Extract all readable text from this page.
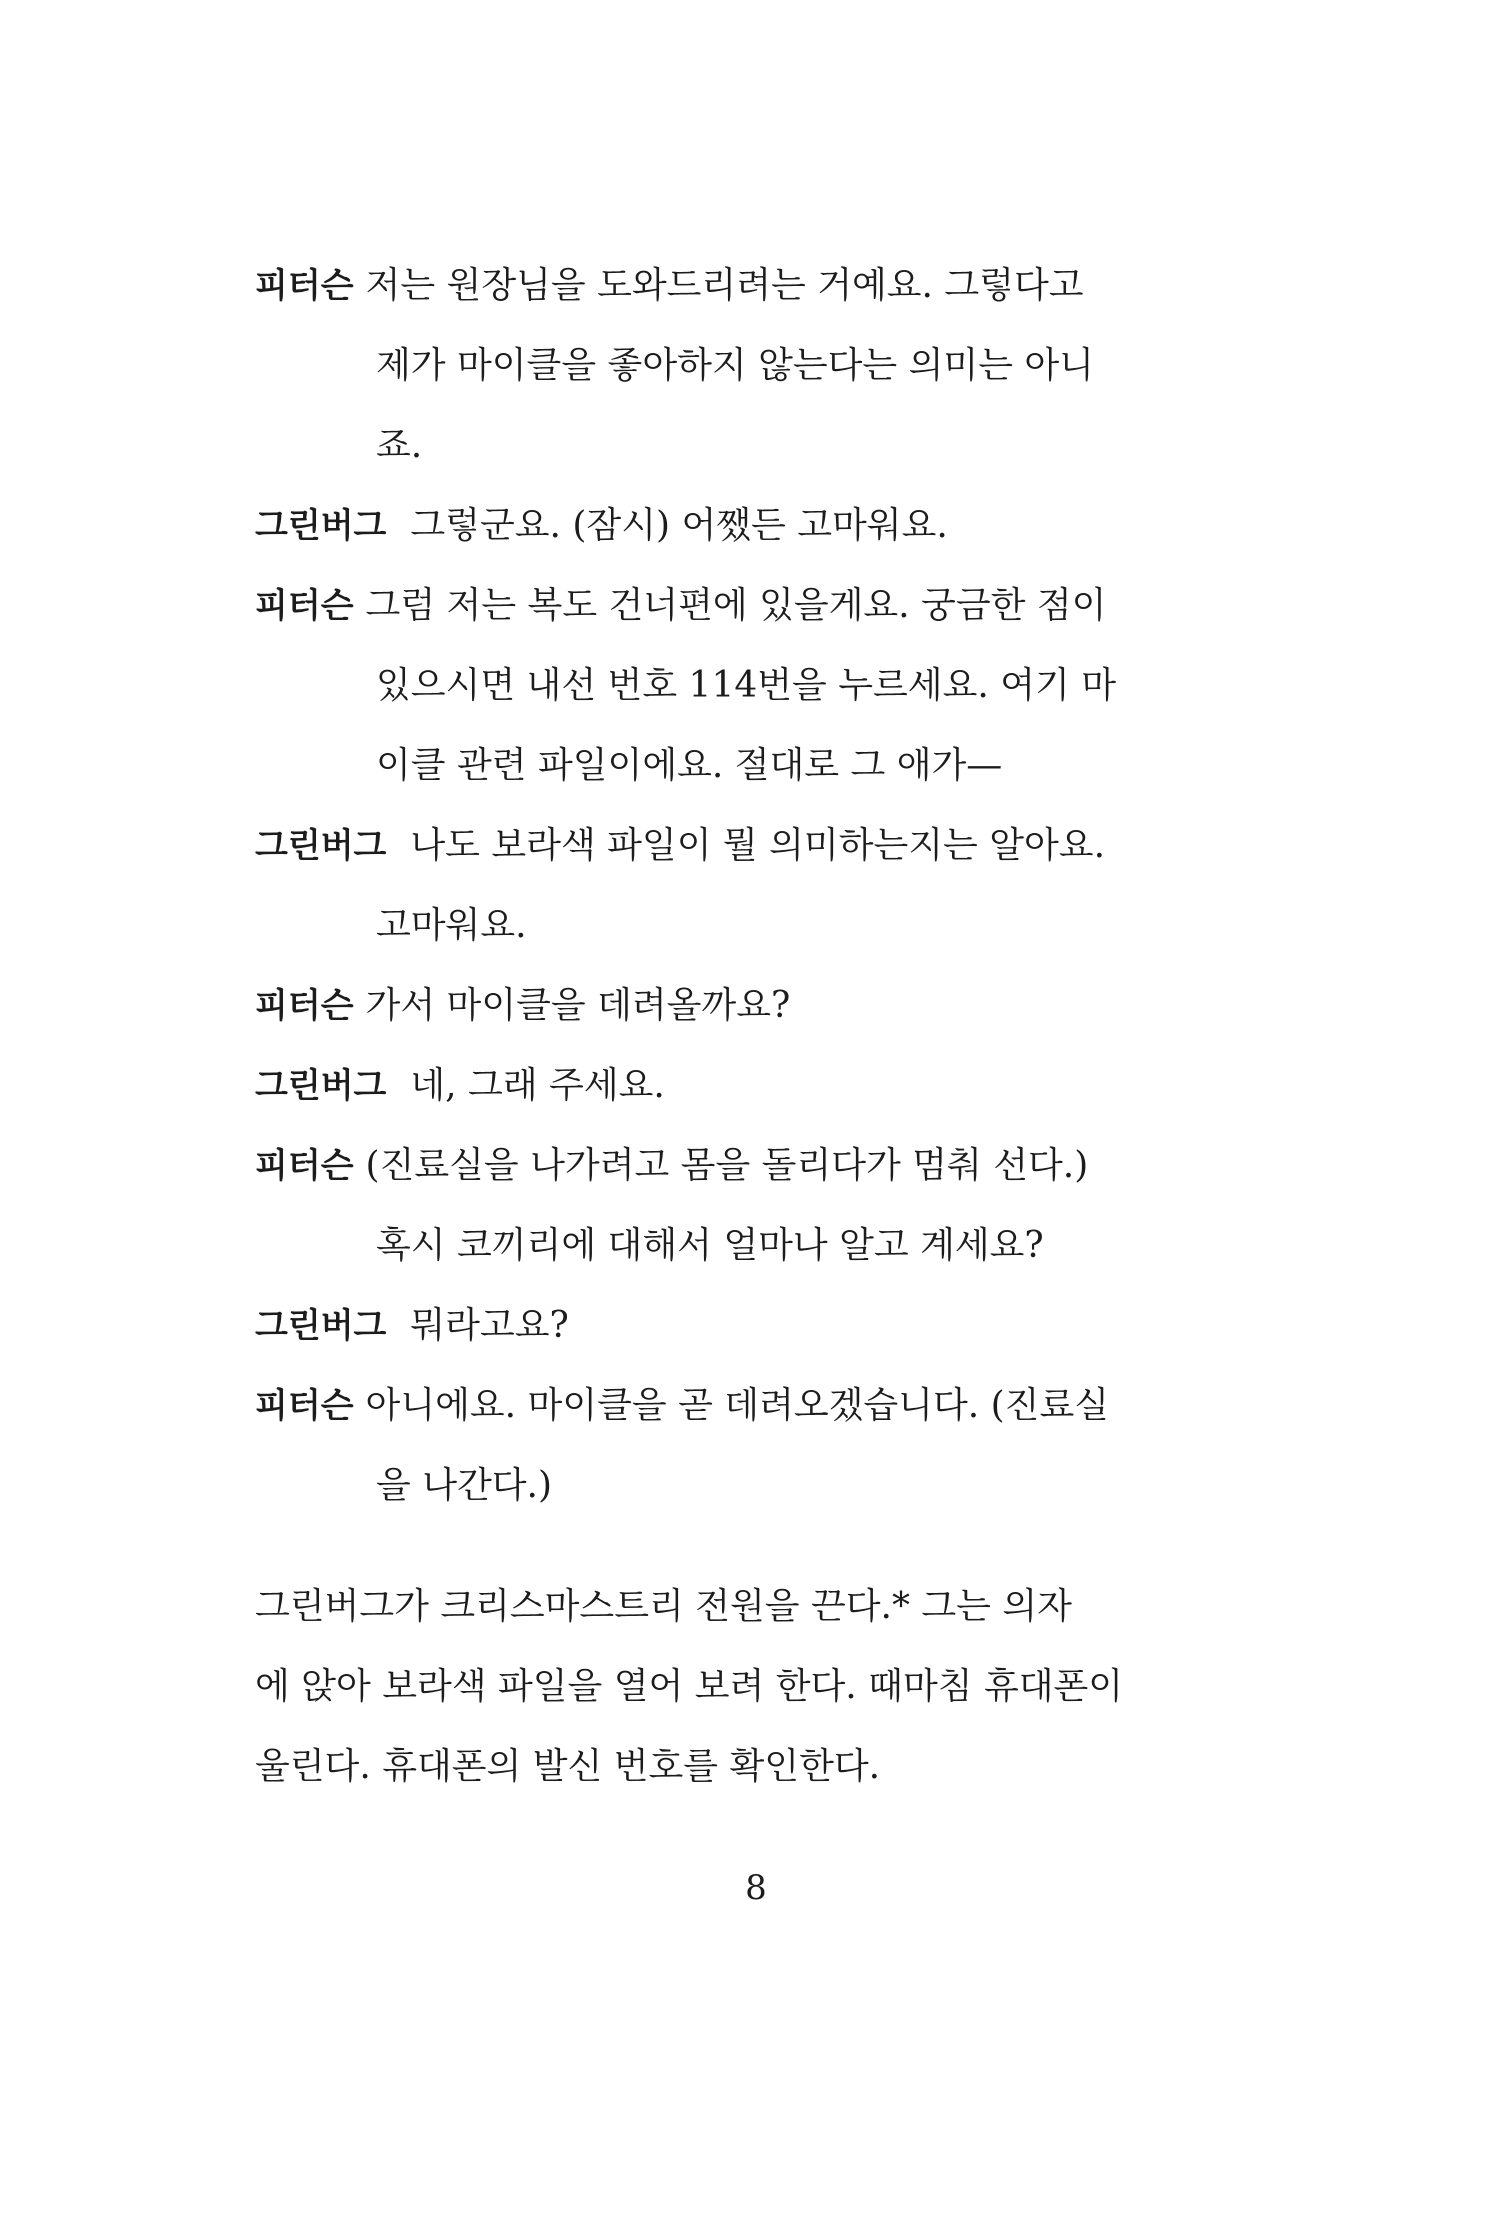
피터슨 저는 원장님을 도와드리려는 거예요. 그렇다고
제가 마이클을 좋아하지 않는다는 의미는 아니
죠.
그린버그 그렇군요. (잠시) 어쨌든 고마워요.
피터슨 그럼 저는 복도 건너편에 있을게요. 궁금한 점이
있으시면 내선 번호 114번을 누르세요. 여기 마
이클 관련 파일이에요. 절대로 그 애가—
그린버그 나도 보라색 파일이 뭘 의미하는지는 알아요.
고마워요.
피터슨 가서 마이클을 데려올까요?
그린버그 네, 그래 주세요.
피터슨 (진료실을 나가려고 몸을 돌리다가 멈춰 선다.)
혹시 코끼리에 대해서 얼마나 알고 계세요?
그린버그 뭐라고요?
피터슨 아니에요. 마이클을 곧 데려오겠습니다. (진료실
을 나간다.)
그린버그가 크리스마스트리 전원을 끈다.* 그는 의자
에 앉아 보라색 파일을 열어 보려 한다. 때마침 휴대폰이
울린다. 휴대폰의 발신 번호를 확인한다.
8
